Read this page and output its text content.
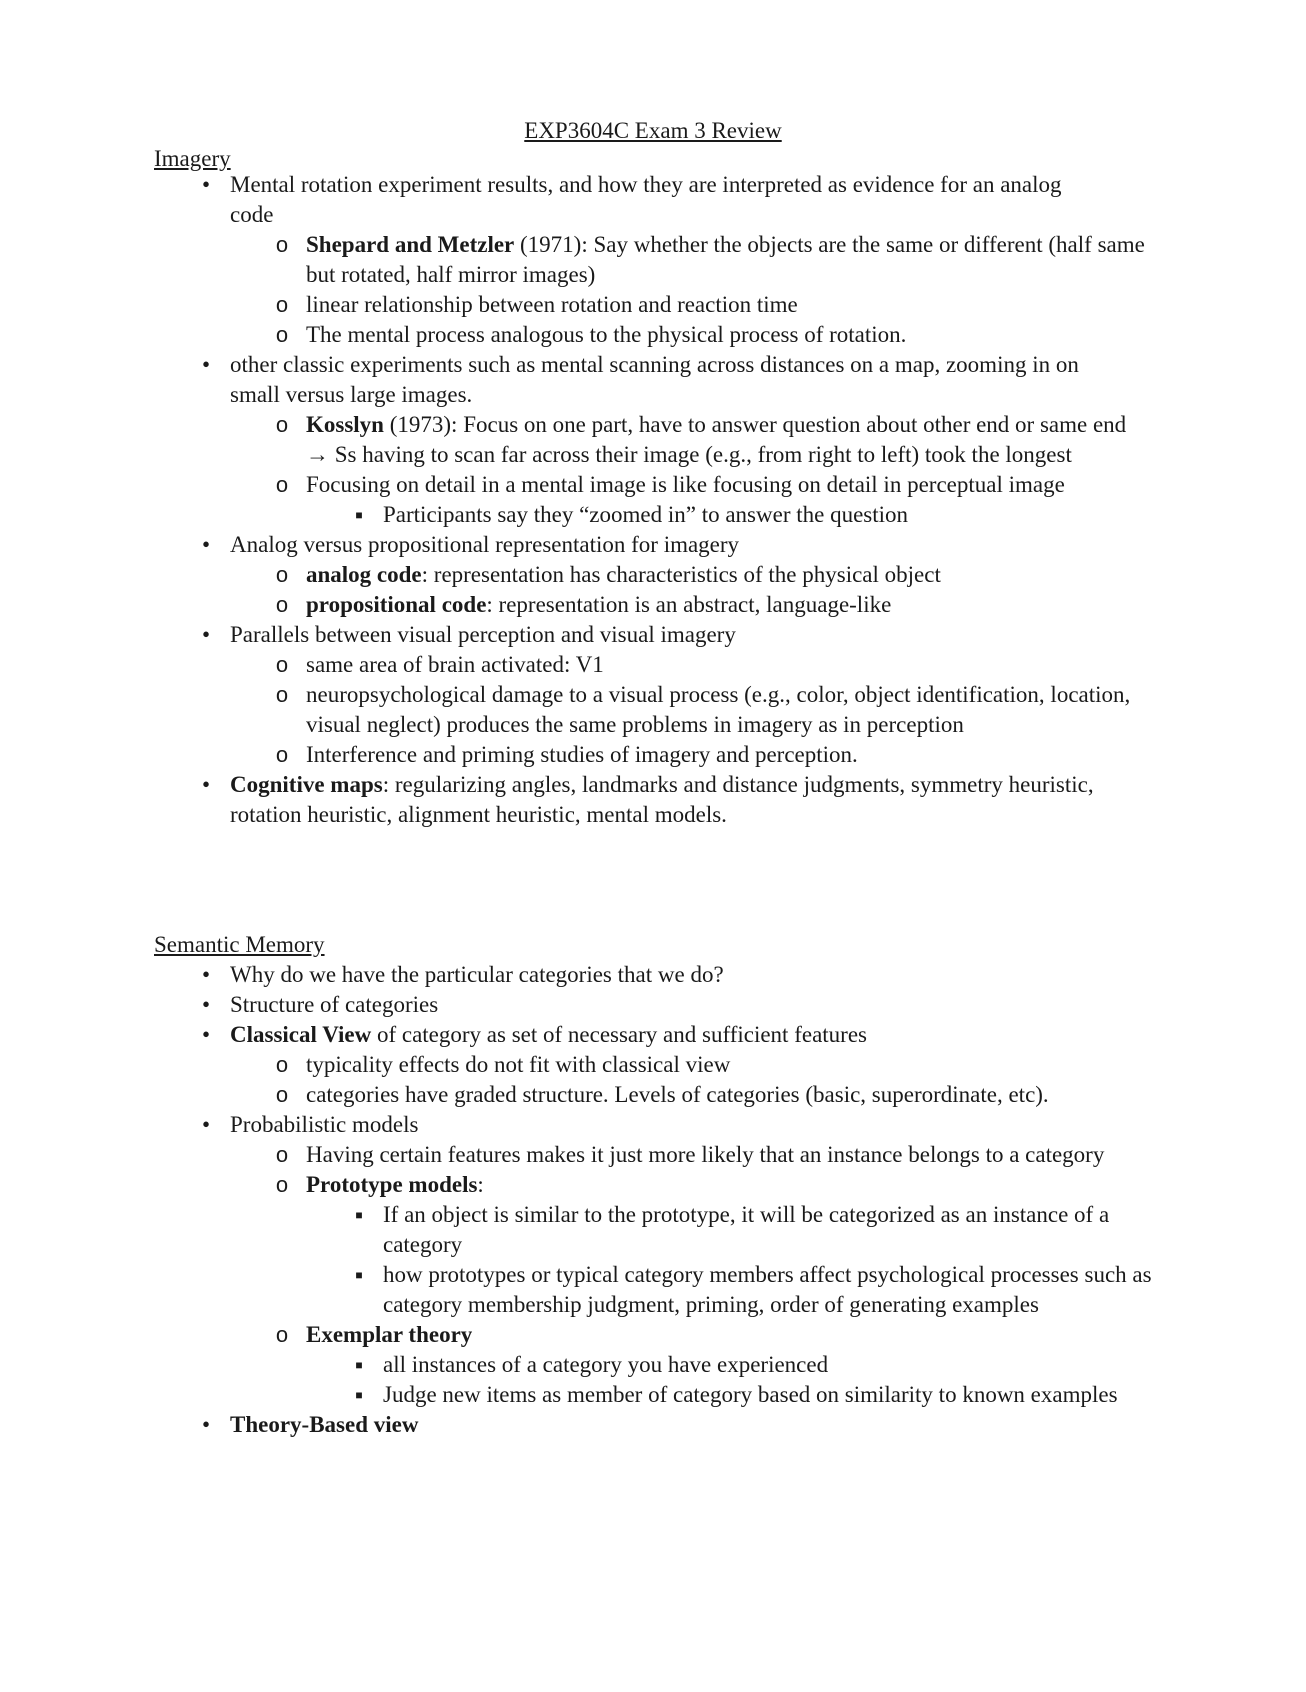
EXP3604C Exam 3 Review
Imagery
• Mental rotation experiment results, and how they are interpreted as evidence for an analog code
o Shepard and Metzler (1971): Say whether the objects are the same or different (half same but rotated, half mirror images)
o linear relationship between rotation and reaction time
o The mental process analogous to the physical process of rotation.
• other classic experiments such as mental scanning across distances on a map, zooming in on small versus large images.
o Kosslyn (1973): Focus on one part, have to answer question about other end or same end → Ss having to scan far across their image (e.g., from right to left) took the longest
o Focusing on detail in a mental image is like focusing on detail in perceptual image
■ Participants say they “zoomed in” to answer the question
• Analog versus propositional representation for imagery
o analog code: representation has characteristics of the physical object
o propositional code: representation is an abstract, language-like
• Parallels between visual perception and visual imagery
o same area of brain activated: V1
o neuropsychological damage to a visual process (e.g., color, object identification, location, visual neglect) produces the same problems in imagery as in perception
o Interference and priming studies of imagery and perception.
• Cognitive maps: regularizing angles, landmarks and distance judgments, symmetry heuristic, rotation heuristic, alignment heuristic, mental models.
Semantic Memory
• Why do we have the particular categories that we do?
• Structure of categories
• Classical View of category as set of necessary and sufficient features
o typicality effects do not fit with classical view
o categories have graded structure. Levels of categories (basic, superordinate, etc).
• Probabilistic models
o Having certain features makes it just more likely that an instance belongs to a category
o Prototype models:
■ If an object is similar to the prototype, it will be categorized as an instance of a category
■ how prototypes or typical category members affect psychological processes such as category membership judgment, priming, order of generating examples
o Exemplar theory
■ all instances of a category you have experienced
■ Judge new items as member of category based on similarity to known examples
• Theory-Based view
